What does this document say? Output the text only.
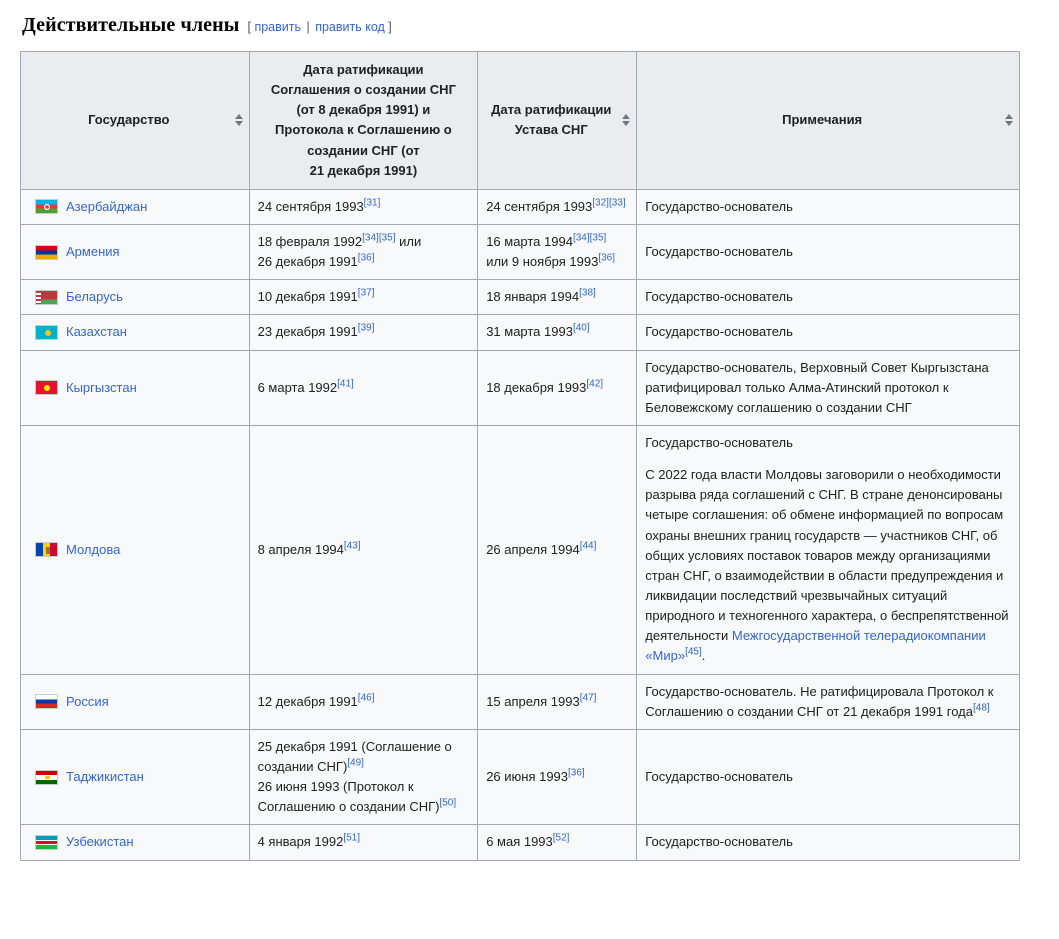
Действительные члены [ править | править код ]
Государство
	Дата ратификации
Соглашения о создании СНГ
(от 8 декабря 1991) и
Протокола к Соглашению о
создании СНГ (от
21 декабря 1991)	Дата ратификации
Устава СНГ
	Примечания

Азербайджан	24 сентября 1993[31]	24 сентября 1993[32][33]	Государство-основатель

Армения	18 февраля 1992[34][35] или
26 декабря 1991[36]	16 марта 1994[34][35]
или 9 ноября 1993[36]	Государство-основатель

Беларусь	10 декабря 1991[37]	18 января 1994[38]	Государство-основатель

Казахстан	23 декабря 1991[39]	31 марта 1993[40]	Государство-основатель

Кыргызстан	6 марта 1992[41]	18 декабря 1993[42]	Государство-основатель, Верховный Совет Кыргызстана ратифицировал только Алма-Атинский протокол к Беловежскому соглашению о создании СНГ

Молдова	8 апреля 1994[43]	26 апреля 1994[44]	Государство-основатель
С 2022 года власти Молдовы заговорили о необходимости разрыва ряда соглашений с СНГ. В стране денонсированы четыре соглашения: об обмене информацией по вопросам охраны внешних границ государств — участников СНГ, об общих условиях поставок товаров между организациями стран СНГ, о взаимодействии в области предупреждения и ликвидации последствий чрезвычайных ситуаций природного и техногенного характера, о беспрепятственной деятельности Межгосударственной телерадиокомпании «Мир»[45].

Россия	12 декабря 1991[46]	15 апреля 1993[47]	Государство-основатель. Не ратифицировала Протокол к Соглашению о создании СНГ от 21 декабря 1991 года[48]

Таджикистан	25 декабря 1991 (Соглашение о создании СНГ)[49]
26 июня 1993 (Протокол к Соглашению о создании СНГ)[50]	26 июня 1993[36]	Государство-основатель

Узбекистан	4 января 1992[51]	6 мая 1993[52]	Государство-основатель
